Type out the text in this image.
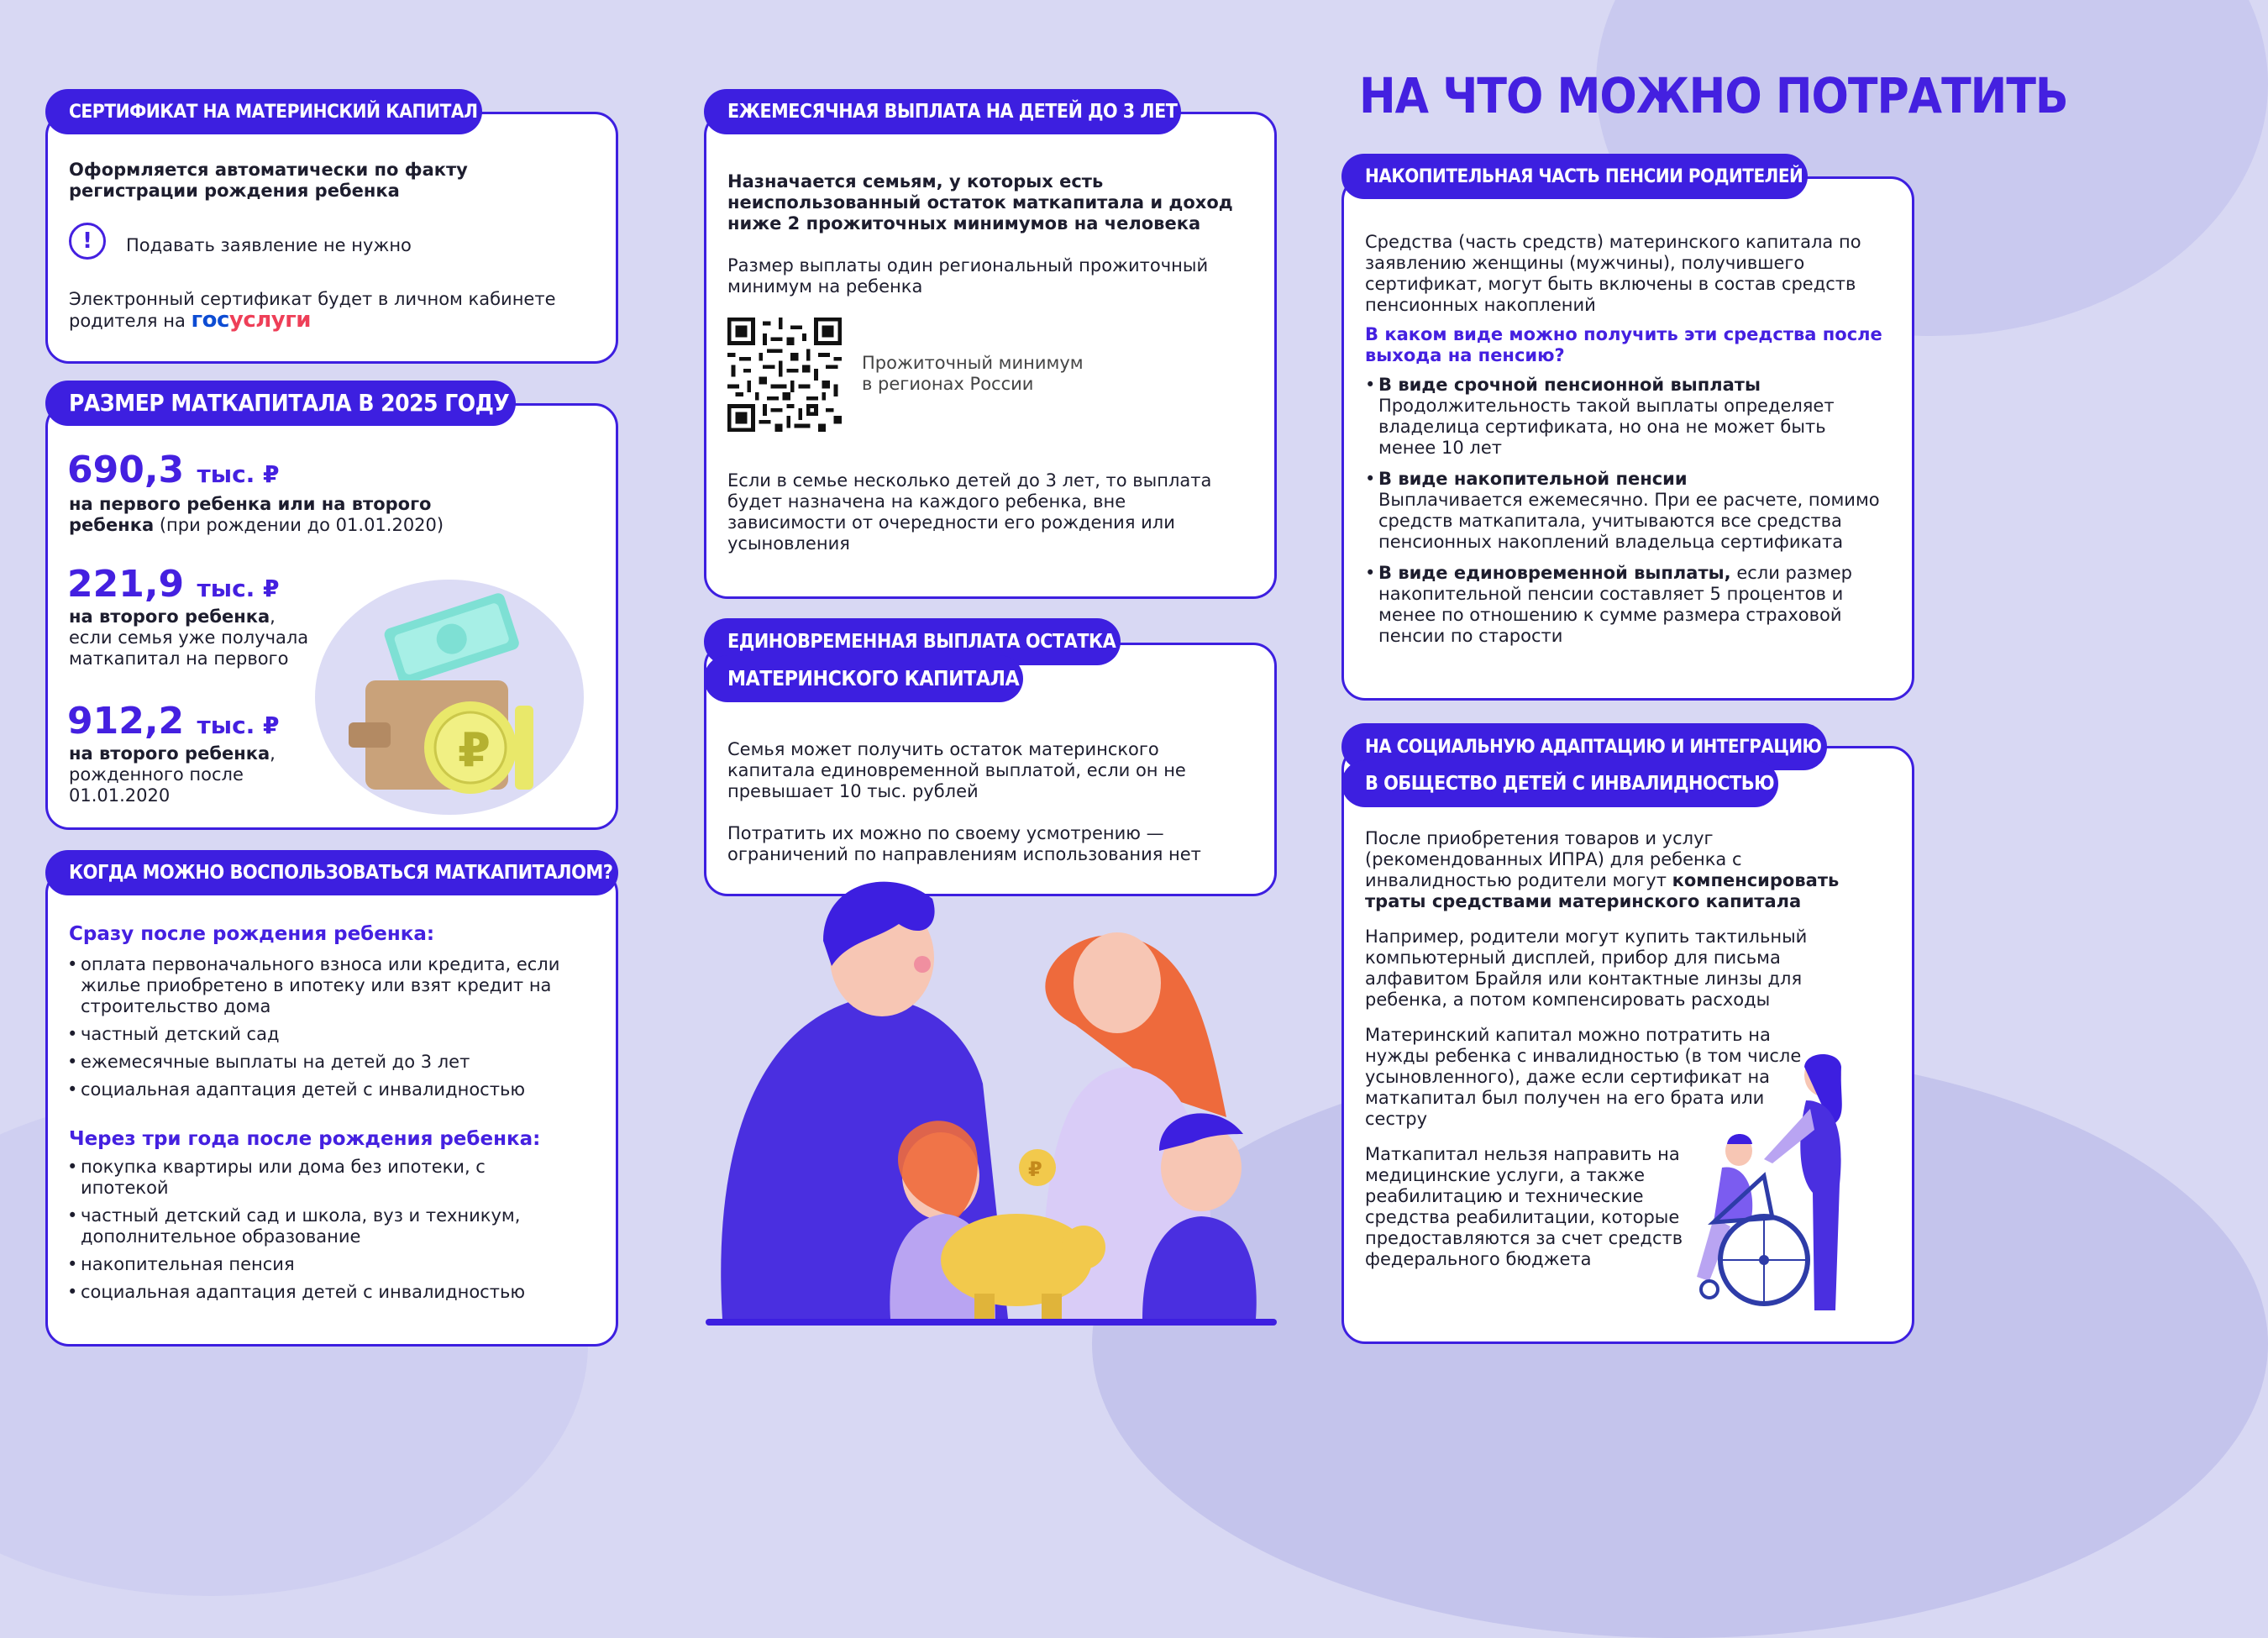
НА ЧТО МОЖНО ПОТРАТИТЬ
СЕРТИФИКАТ НА МАТЕРИНСКИЙ КАПИТАЛ
Оформляется автоматически по факту
регистрации рождения ребенка
!	Подавать заявление не нужно
Электронный сертификат будет в личном кабинете
родителя на госуслуги
РАЗМЕР МАТКАПИТАЛА В 2025 ГОДУ
690,3 тыс. ₽
на первого ребенка или на второго
ребенка (при рождении до 01.01.2020)
221,9 тыс. ₽
на второго ребенка,
если семья уже получала
маткапитал на первого
912,2 тыс. ₽
на второго ребенка,
рожденного после
01.01.2020
₽
КОГДА МОЖНО ВОСПОЛЬЗОВАТЬСЯ МАТКАПИТАЛОМ?
Сразу после рождения ребенка:
• оплата первоначального взноса или кредита, если жилье приобретено в ипотеку или взят кредит на строительство дома
• частный детский сад
• ежемесячные выплаты на детей до 3 лет
• социальная адаптация детей с инвалидностью
Через три года после рождения ребенка:
• покупка квартиры или дома без ипотеки, с ипотекой
• частный детский сад и школа, вуз и техникум, дополнительное образование
• накопительная пенсия
• социальная адаптация детей с инвалидностью
ЕЖЕМЕСЯЧНАЯ ВЫПЛАТА НА ДЕТЕЙ ДО 3 ЛЕТ
Назначается семьям, у которых есть неиспользованный остаток маткапитала и доход ниже 2 прожиточных минимумов на человека
Размер выплаты один региональный прожиточный минимум на ребенка
Прожиточный минимум
в регионах России
Если в семье несколько детей до 3 лет, то выплата будет назначена на каждого ребенка, вне зависимости от очередности его рождения или усыновления
ЕДИНОВРЕМЕННАЯ ВЫПЛАТА ОСТАТКА
МАТЕРИНСКОГО КАПИТАЛА
Семья может получить остаток материнского капитала единовременной выплатой, если он не превышает 10 тыс. рублей
Потратить их можно по своему усмотрению — ограничений по направлениям использования нет
₽
НАКОПИТЕЛЬНАЯ ЧАСТЬ ПЕНСИИ РОДИТЕЛЕЙ
Средства (часть средств) материнского капитала по заявлению женщины (мужчины), получившего сертификат, могут быть включены в состав средств пенсионных накоплений
В каком виде можно получить эти средства после выхода на пенсию?
• В виде срочной пенсионной выплаты
Продолжительность такой выплаты определяет владелица сертификата, но она не может быть менее 10 лет
• В виде накопительной пенсии
Выплачивается ежемесячно. При ее расчете, помимо средств маткапитала, учитываются все средства пенсионных накоплений владельца сертификата
• В виде единовременной выплаты, если размер накопительной пенсии составляет 5 процентов и менее по отношению к сумме размера страховой пенсии по старости
НА СОЦИАЛЬНУЮ АДАПТАЦИЮ И ИНТЕГРАЦИЮ
В ОБЩЕСТВО ДЕТЕЙ С ИНВАЛИДНОСТЬЮ
После приобретения товаров и услуг (рекомендованных ИПРА) для ребенка с инвалидностью родители могут компенсировать траты средствами материнского капитала
Например, родители могут купить тактильный компьютерный дисплей, прибор для письма алфавитом Брайля или контактные линзы для ребенка, а потом компенсировать расходы
Материнский капитал можно потратить на нужды ребенка с инвалидностью (в том числе усыновленного), даже если сертификат на маткапитал был получен на его брата или сестру
Маткапитал нельзя направить на медицинские услуги, а также реабилитацию и технические средства реабилитации, которые предоставляются за счет средств федерального бюджета
